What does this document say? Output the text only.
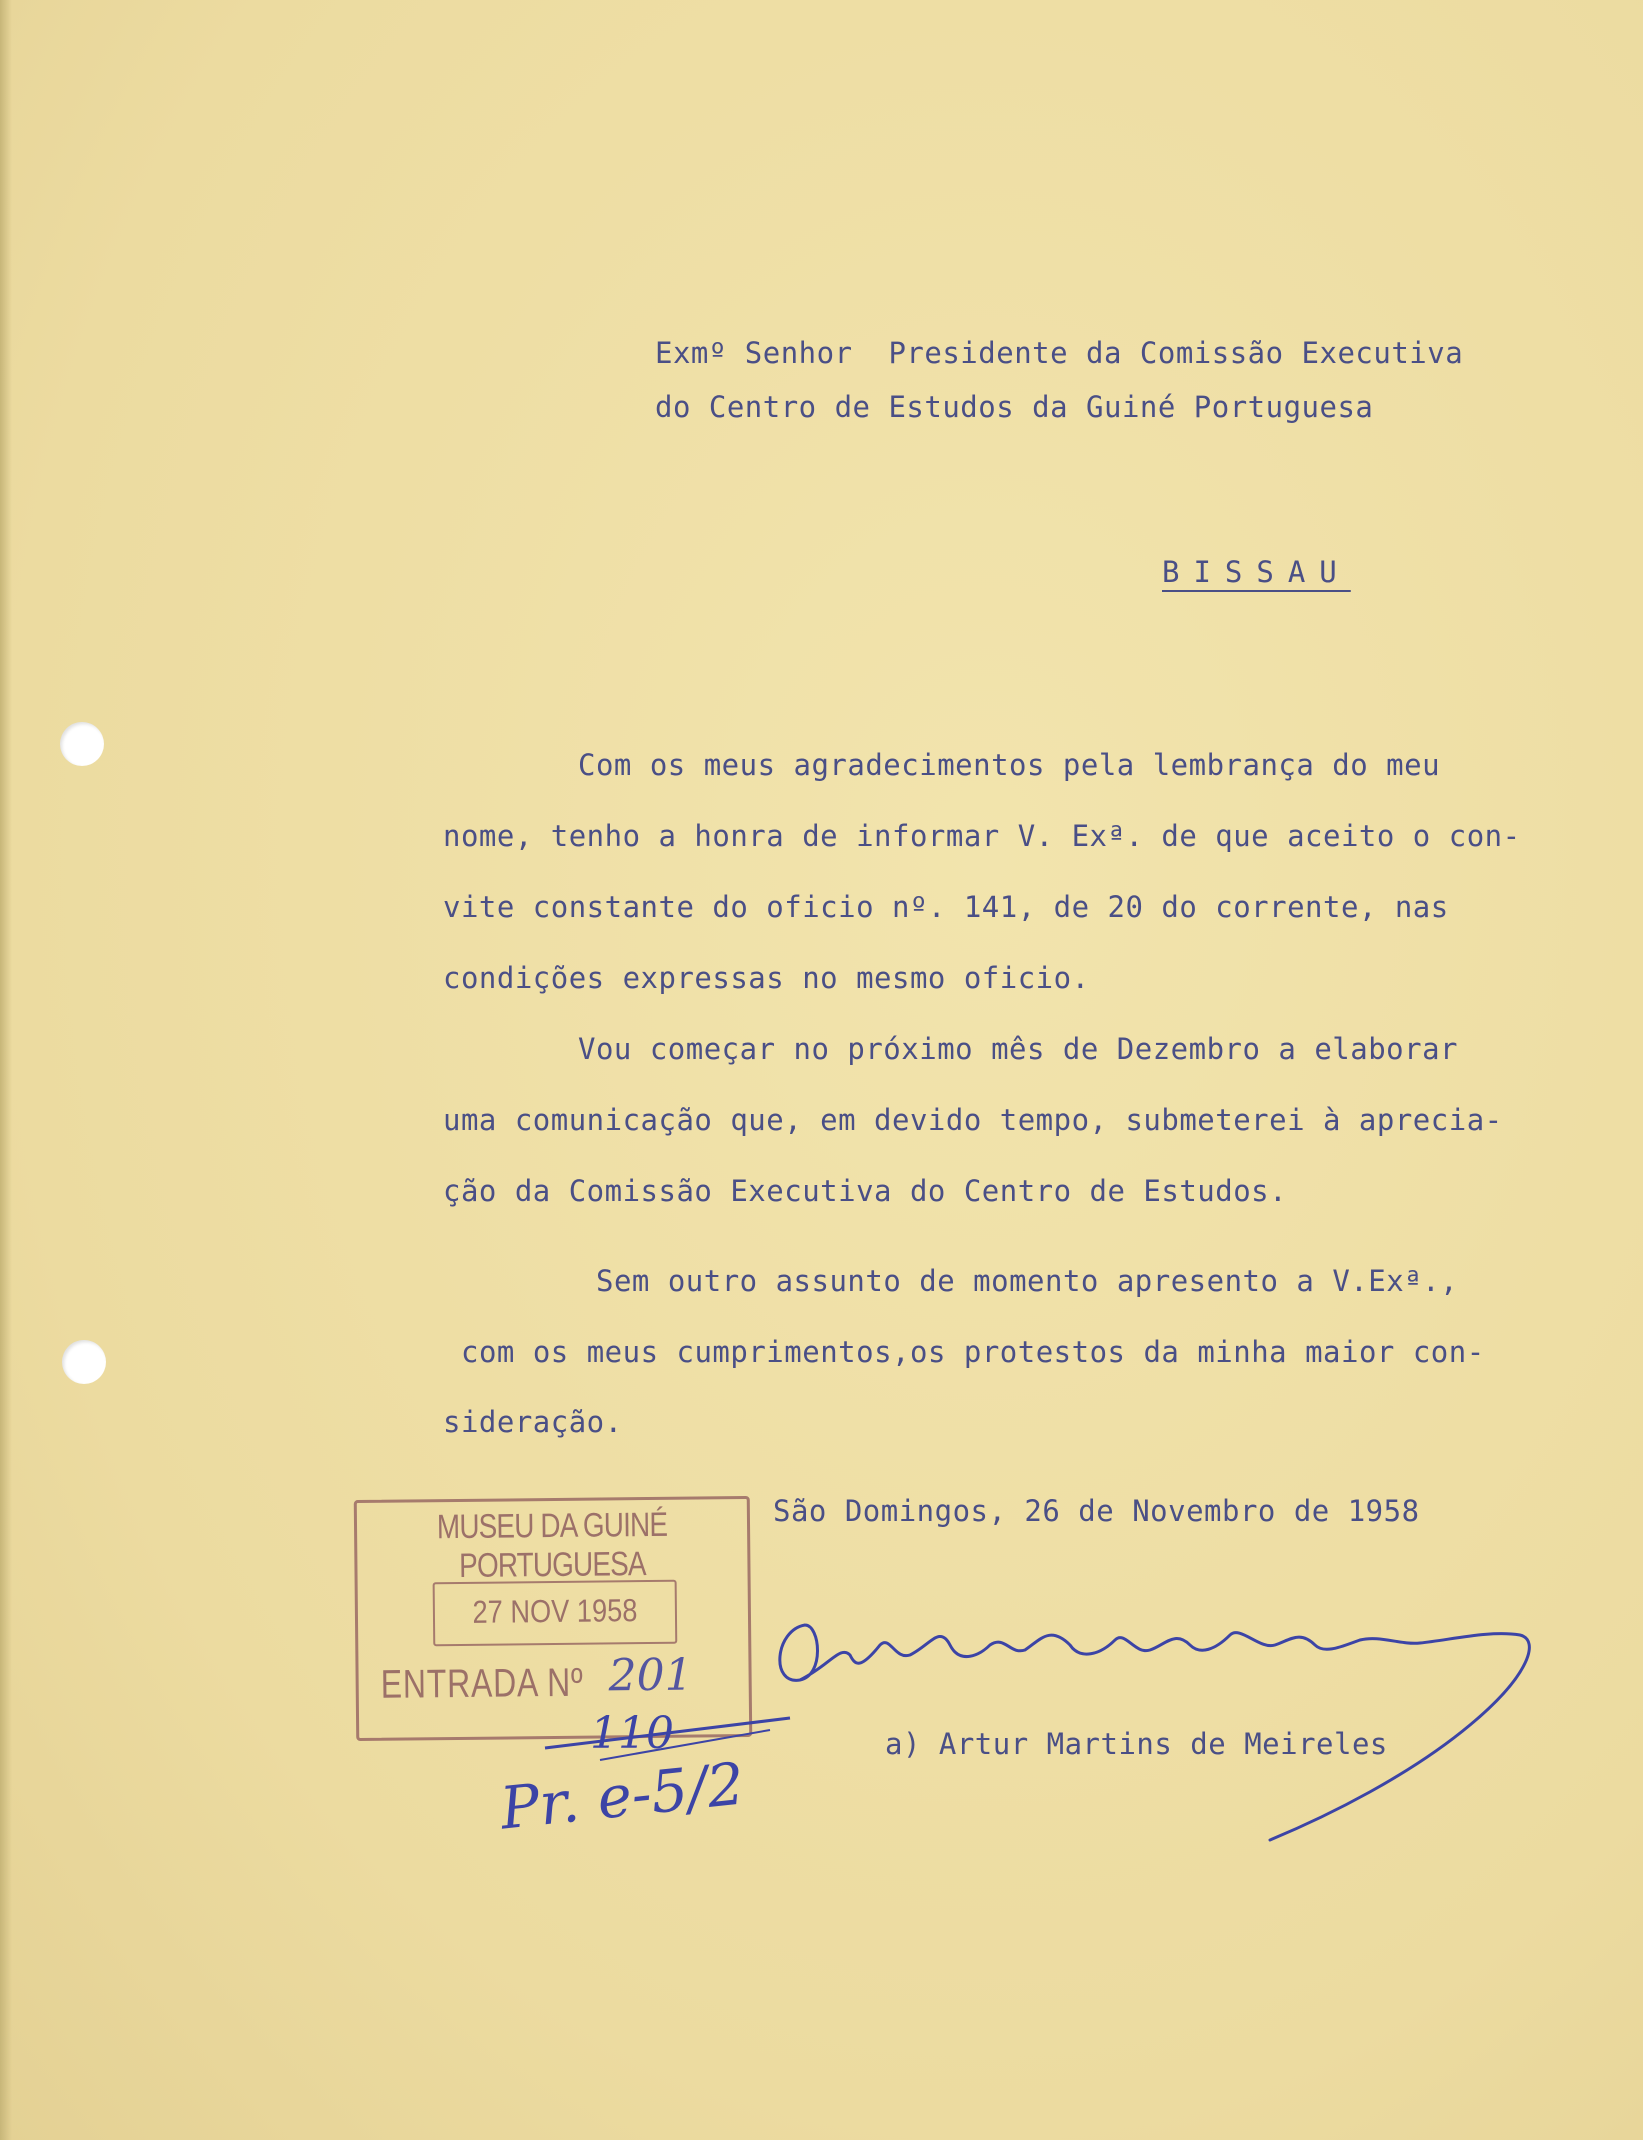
Exmº Senhor  Presidente da Comissão Executiva
do Centro de Estudos da Guiné Portuguesa
BISSAU
Com os meus agradecimentos pela lembrança do meu
nome, tenho a honra de informar V. Exª. de que aceito o con-
vite constante do oficio nº. 141, de 20 do corrente, nas
condições expressas no mesmo oficio.
Vou começar no próximo mês de Dezembro a elaborar
uma comunicação que, em devido tempo, submeterei à aprecia-
ção da Comissão Executiva do Centro de Estudos.
Sem outro assunto de momento apresento a V.Exª.,
com os meus cumprimentos,os protestos da minha maior con-
sideração.
São Domingos, 26 de Novembro de 1958
MUSEU DA GUINÉ PORTUGUESA
27 NOV 1958
ENTRADA Nº 201
110
Pr. e-5/2
a) Artur Martins de Meireles
